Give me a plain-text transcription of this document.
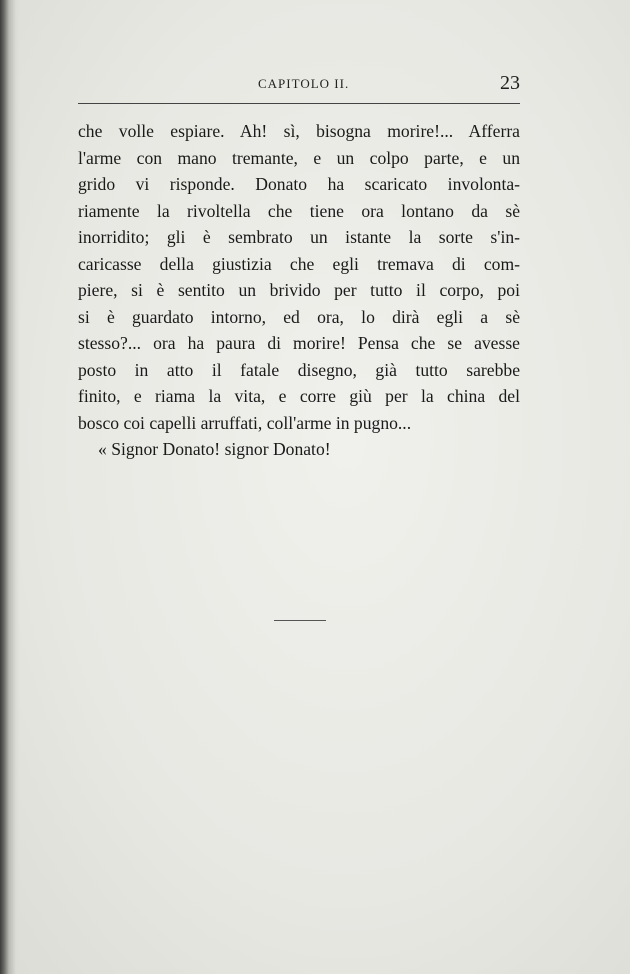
CAPITOLO II.	23
che volle espiare. Ah! sì, bisogna morire!... Afferra
l'arme con mano tremante, e un colpo parte, e un
grido vi risponde. Donato ha scaricato involonta-
riamente la rivoltella che tiene ora lontano da sè
inorridito; gli è sembrato un istante la sorte s'in-
caricasse della giustizia che egli tremava di com-
piere, si è sentito un brivido per tutto il corpo, poi
si è guardato intorno, ed ora, lo dirà egli a sè
stesso?... ora ha paura di morire! Pensa che se avesse
posto in atto il fatale disegno, già tutto sarebbe
finito, e riama la vita, e corre giù per la china del
bosco coi capelli arruffati, coll'arme in pugno...
« Signor Donato! signor Donato!
